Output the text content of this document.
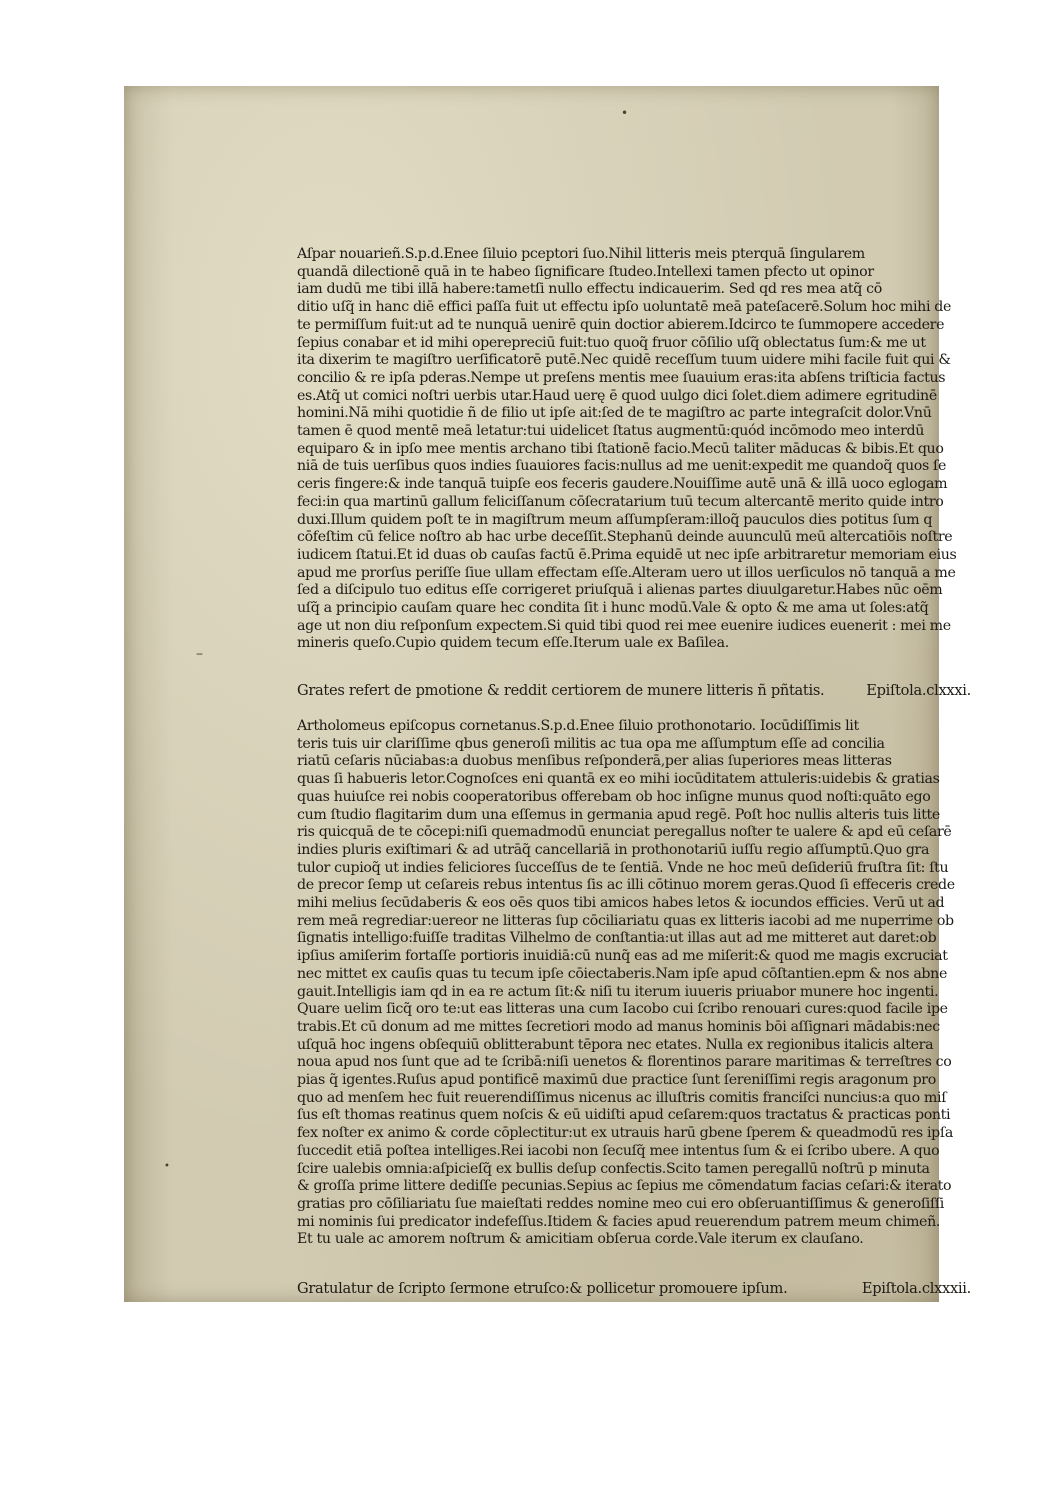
Aſpar nouarieñ.S.p.d.Enee ſiluio pceptori ſuo.Nihil litteris meis pterquā ſingularem
quandā dilectionē quā in te habeo ſignificare ſtudeo.Intellexi tamen pfecto ut opinor
iam dudū me tibi illā habere:tametſi nullo effectu indicauerim. Sed qd res mea atq̃ cō
ditio uſq̃ in hanc diē effici paſſa fuit ut effectu ipſo uoluntatē meā pateſacerē.Solum hoc mihi de
te permiſſum fuit:ut ad te nunquā uenirē quin doctior abierem.Idcirco te ſummopere accedere
ſepius conabar et id mihi operepreciū fuit:tuo quoq̃ fruor cōſilio uſq̃ oblectatus ſum:& me ut
ita dixerim te magiſtro uerſificatorē putē.Nec quidē receſſum tuum uidere mihi facile fuit qui &
concilio & re ipſa pderas.Nempe ut preſens mentis mee ſuauium eras:ita abſens triſticia factus
es.Atq̃ ut comici noſtri uerbis utar.Haud uerę ē quod uulgo dici ſolet.diem adimere egritudinē
homini.Nā mihi quotidie ñ de filio ut ipſe ait:ſed de te magiſtro ac parte integraſcit dolor.Vnū
tamen ē quod mentē meā letatur:tui uidelicet ſtatus augmentū:quód incōmodo meo interdū
equiparo & in ipſo mee mentis archano tibi ſtationē facio.Mecū taliter māducas & bibis.Et quo
niā de tuis uerſibus quos indies ſuauiores facis:nullus ad me uenit:expedit me quandoq̃ quos ſe
ceris fingere:& inde tanquā tuipſe eos feceris gaudere.Nouiſſime autē unā & illā uoco eglogam
feci:in qua martinū gallum feliciſſanum cōſecratarium tuū tecum altercantē merito quide intro
duxi.Illum quidem poſt te in magiſtrum meum aſſumpſeram:illoq̃ pauculos dies potitus ſum q
cōfeſtim cū felice noſtro ab hac urbe deceſſit.Stephanū deinde auunculū meū altercatiōis noſtre
iudicem ſtatui.Et id duas ob cauſas factū ē.Prima equidē ut nec ipſe arbitraretur memoriam eius
apud me prorſus periſſe ſiue ullam effectam eſſe.Alteram uero ut illos uerſiculos nō tanquā a me
ſed a diſcipulo tuo editus eſſe corrigeret priuſquā i alienas partes diuulgaretur.Habes nūc oēm
uſq̃ a principio cauſam quare hec condita ſit i hunc modū.Vale & opto & me ama ut ſoles:atq̃
age ut non diu reſponſum expectem.Si quid tibi quod rei mee euenire iudices euenerit : mei me
mineris queſo.Cupio quidem tecum eſſe.Iterum uale ex Baſilea.
Grates refert de pmotione & reddit certiorem de munere litteris ñ pñtatis.	Epiſtola.clxxxi.
Artholomeus epiſcopus cornetanus.S.p.d.Enee ſiluio prothonotario. Iocūdiſſimis lit
teris tuis uir clariſſime qbus generoſi militis ac tua opa me aſſumptum eſſe ad concilia
riatū ceſaris nūciabas:a duobus menſibus reſponderā,per alias ſuperiores meas litteras
quas ſi habueris letor.Cognoſces eni quantā ex eo mihi iocūditatem attuleris:uidebis & gratias
quas huiuſce rei nobis cooperatoribus offerebam ob hoc inſigne munus quod noſti:quāto ego
cum ſtudio flagitarim dum una eſſemus in germania apud regē. Poſt hoc nullis alteris tuis litte
ris quicquā de te cōcepi:niſi quemadmodū enunciat peregallus noſter te ualere & apd eū ceſarē
indies pluris exiſtimari & ad utrāq̃ cancellariā in prothonotariū iuſſu regio aſſumptū.Quo gra
tulor cupioq̃ ut indies feliciores ſucceſſus de te ſentiā. Vnde ne hoc meū deſideriū fruſtra ſit: ſtu
de precor ſemp ut ceſareis rebus intentus ſis ac illi cōtinuo morem geras.Quod ſi effeceris crede
mihi melius ſecūdaberis & eos oēs quos tibi amicos habes letos & iocundos efficies. Verū ut ad
rem meā regrediar:uereor ne litteras ſup cōciliariatu quas ex litteris iacobi ad me nuperrime ob
ſignatis intelligo:fuiſſe traditas Vilhelmo de conſtantia:ut illas aut ad me mitteret aut daret:ob
ipſius amiſerim fortaſſe portioris inuidiā:cū nunq̃ eas ad me miſerit:& quod me magis excruciat
nec mittet ex cauſis quas tu tecum ipſe cōiectaberis.Nam ipſe apud cōſtantien.epm & nos abne
gauit.Intelligis iam qd in ea re actum ſit:& niſi tu iterum iuueris priuabor munere hoc ingenti.
Quare uelim ſicq̃ oro te:ut eas litteras una cum Iacobo cui ſcribo renouari cures:quod facile ipe
trabis.Et cū donum ad me mittes ſecretiori modo ad manus hominis bōi aſſignari mādabis:nec
uſquā hoc ingens obſequiū oblitterabunt tēpora nec etates. Nulla ex regionibus italicis altera
noua apud nos ſunt que ad te ſcribā:niſi uenetos & florentinos parare maritimas & terreſtres co
pias q̃ igentes.Ruſus apud pontificē maximū due practice ſunt ſereniſſimi regis aragonum pro
quo ad menſem hec fuit reuerendiſſimus nicenus ac illuſtris comitis franciſci nuncius:a quo miſ
ſus eſt thomas reatinus quem noſcis & eū uidiſti apud ceſarem:quos tractatus & practicas ponti
fex noſter ex animo & corde cōplectitur:ut ex utrauis harū gbene ſperem & queadmodū res ipſa
ſuccedit etiā poſtea intelliges.Rei iacobi non ſecuſq̃ mee intentus ſum & ei ſcribo ubere. A quo
ſcire ualebis omnia:aſpicieſq̃ ex bullis deſup confectis.Scito tamen peregallū noſtrū p minuta
& groſſa prime littere dediſſe pecunias.Sepius ac ſepius me cōmendatum facias ceſari:& iterato
gratias pro cōſiliariatu ſue maieſtati reddes nomine meo cui ero obſeruantiſſimus & generoſiſſi
mi nominis ſui predicator indefeſſus.Itidem & facies apud reuerendum patrem meum chimeñ.
Et tu uale ac amorem noſtrum & amicitiam obſerua corde.Vale iterum ex clauſano.
Gratulatur de ſcripto ſermone etruſco:& pollicetur promouere ipſum.	Epiſtola.clxxxii.
•
–
•
